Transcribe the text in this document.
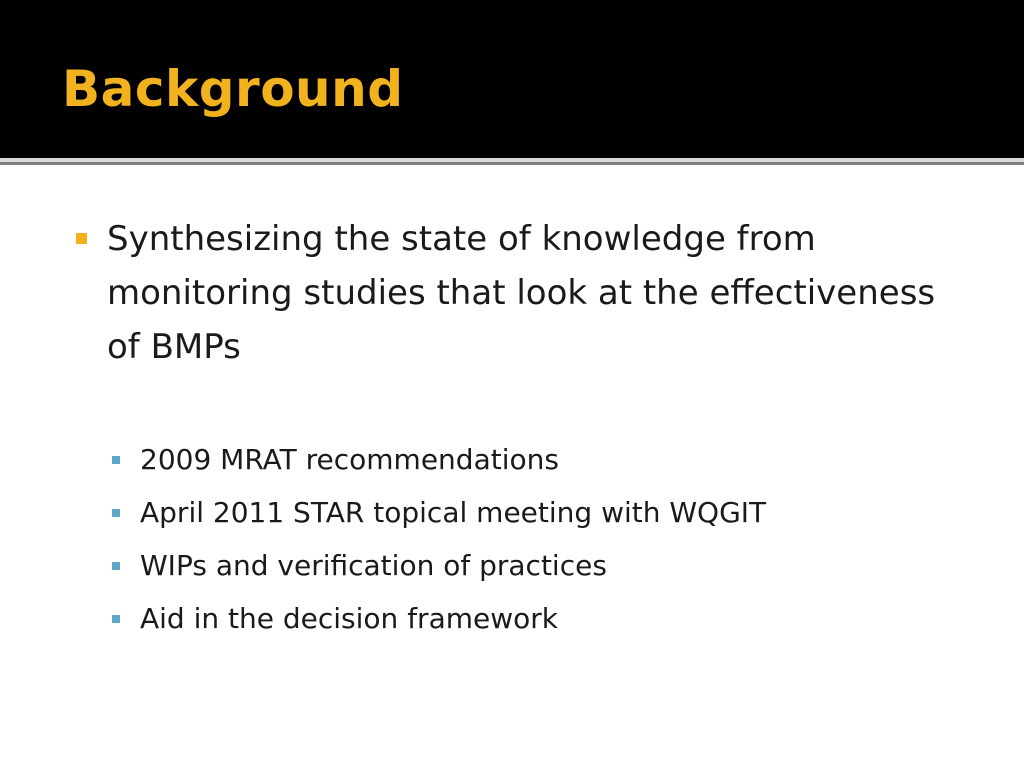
Background

Synthesizing the state of knowledge from monitoring studies that look at the effectiveness of BMPs

2009 MRAT recommendations
April 2011 STAR topical meeting with WQGIT
WIPs and verification of practices
Aid in the decision framework
